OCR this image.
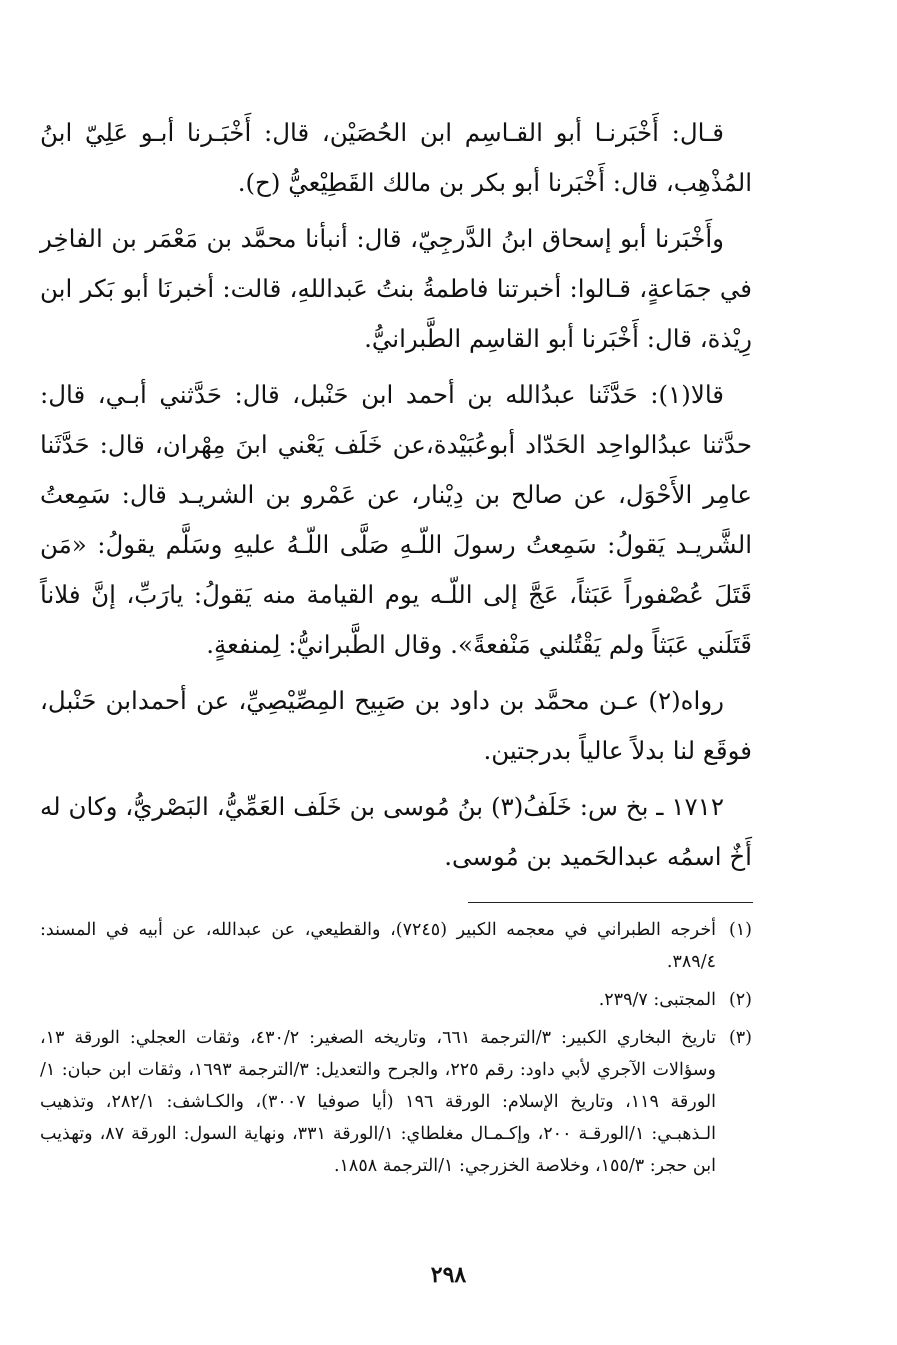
قـال: أَخْبَرنـا أبو القـاسِم ابن الحُصَيْن، قال: أَخْبَـرنا أبـو عَلِيّ ابنُ المُذْهِب، قال: أَخْبَرنا أبو بكر بن مالك القَطِيْعيُّ (ح).

وأَخْبَرنا أبو إسحاق ابنُ الدَّرجِيّ، قال: أنبأنا محمَّد بن مَعْمَر بن الفاخِر في جمَاعةٍ، قـالوا: أخبرتنا فاطمةُ بنتُ عَبداللهِ، قالت: أخبرنَا أبو بَكر ابن رِيْذة، قال: أَخْبَرنا أبو القاسِم الطَّبرانيُّ.

قالا(١): حَدَّثَنا عبدُالله بن أحمد ابن حَنْبل، قال: حَدَّثني أبـي، قال: حدَّثنا عبدُالواحِد الحَدّاد أبوعُبَيْدة،عن خَلَف يَعْني ابنَ مِهْران، قال: حَدَّثَنا عامِر الأَحْوَل، عن صالح بن دِيْنار، عن عَمْرو بن الشريـد قال: سَمِعتُ الشَّريـد يَقولُ: سَمِعتُ رسولَ اللّـهِ صَلَّى اللّـهُ عليهِ وسَلَّم يقولُ: «مَن قَتَلَ عُصْفوراً عَبَثاً، عَجَّ إلى اللّـه يوم القيامة منه يَقولُ: يارَبِّ، إنَّ فلاناً قَتَلَني عَبَثاً ولم يَقْتُلني مَنْفعةً». وقال الطَّبرانيُّ: لِمنفعةٍ.

رواه(٢) عـن محمَّد بن داود بن صَبِيح المِصِّيْصِيِّ، عن أحمدابن حَنْبل، فوقَع لنا بدلاً عالياً بدرجتين.

١٧١٢ ـ بخ س: خَلَفُ(٣) بنُ مُوسى بن خَلَف العَمِّيُّ، البَصْريُّ، وكان له أَخٌ اسمُه عبدالحَميد بن مُوسى.

(١)
أخرجه الطبراني في معجمه الكبير (٧٢٤٥)، والقطيعي، عن عبدالله، عن أبيه في المسند: ٣٨٩/٤.
(٢)
المجتبى: ٢٣٩/٧.
(٣)
تاريخ البخاري الكبير: ٣/الترجمة ٦٦١، وتاريخه الصغير: ٤٣٠/٢، وثقات العجلي: الورقة ١٣، وسؤالات الآجري لأبي داود: رقم ٢٢٥، والجرح والتعديل: ٣/الترجمة ١٦٩٣، وثقات ابن حبان: ١/الورقة ١١٩، وتاريخ الإسلام: الورقة ١٩٦ (أيا صوفيا ٣٠٠٧)، والكـاشف: ٢٨٢/١، وتذهيب الـذهبـي: ١/الورقـة ٢٠٠، وإكـمـال مغلطاي: ١/الورقة ٣٣١، ونهاية السول: الورقة ٨٧، وتهذيب ابن حجر: ١٥٥/٣، وخلاصة الخزرجي: ١/الترجمة ١٨٥٨.
٢٩٨
